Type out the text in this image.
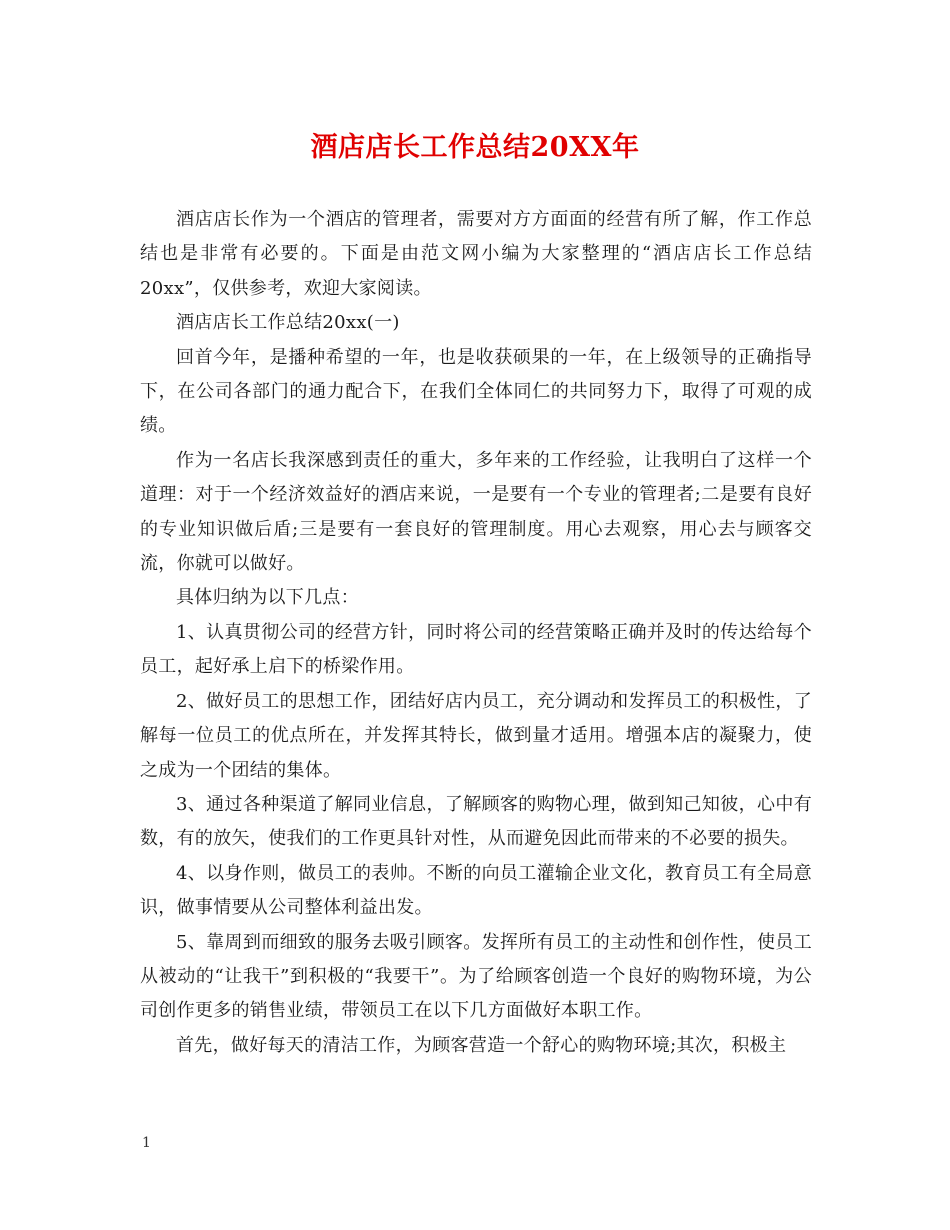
酒店店长工作总结20XX年

酒店店长作为一个酒店的管理者，需要对方方面面的经营有所了解，作工作总结也是非常有必要的。下面是由范文网小编为大家整理的“酒店店长工作总结20xx”，仅供参考，欢迎大家阅读。

酒店店长工作总结20xx(一)

回首今年，是播种希望的一年，也是收获硕果的一年，在上级领导的正确指导下，在公司各部门的通力配合下，在我们全体同仁的共同努力下，取得了可观的成绩。

作为一名店长我深感到责任的重大，多年来的工作经验，让我明白了这样一个道理：对于一个经济效益好的酒店来说，一是要有一个专业的管理者;二是要有良好的专业知识做后盾;三是要有一套良好的管理制度。用心去观察，用心去与顾客交流，你就可以做好。

具体归纳为以下几点：

1、认真贯彻公司的经营方针，同时将公司的经营策略正确并及时的传达给每个员工，起好承上启下的桥梁作用。

2、做好员工的思想工作，团结好店内员工，充分调动和发挥员工的积极性，了解每一位员工的优点所在，并发挥其特长，做到量才适用。增强本店的凝聚力，使之成为一个团结的集体。

3、通过各种渠道了解同业信息，了解顾客的购物心理，做到知己知彼，心中有数，有的放矢，使我们的工作更具针对性，从而避免因此而带来的不必要的损失。

4、以身作则，做员工的表帅。不断的向员工灌输企业文化，教育员工有全局意识，做事情要从公司整体利益出发。

5、靠周到而细致的服务去吸引顾客。发挥所有员工的主动性和创作性，使员工从被动的“让我干”到积极的“我要干”。为了给顾客创造一个良好的购物环境，为公司创作更多的销售业绩，带领员工在以下几方面做好本职工作。

首先，做好每天的清洁工作，为顾客营造一个舒心的购物环境;其次，积极主

1
